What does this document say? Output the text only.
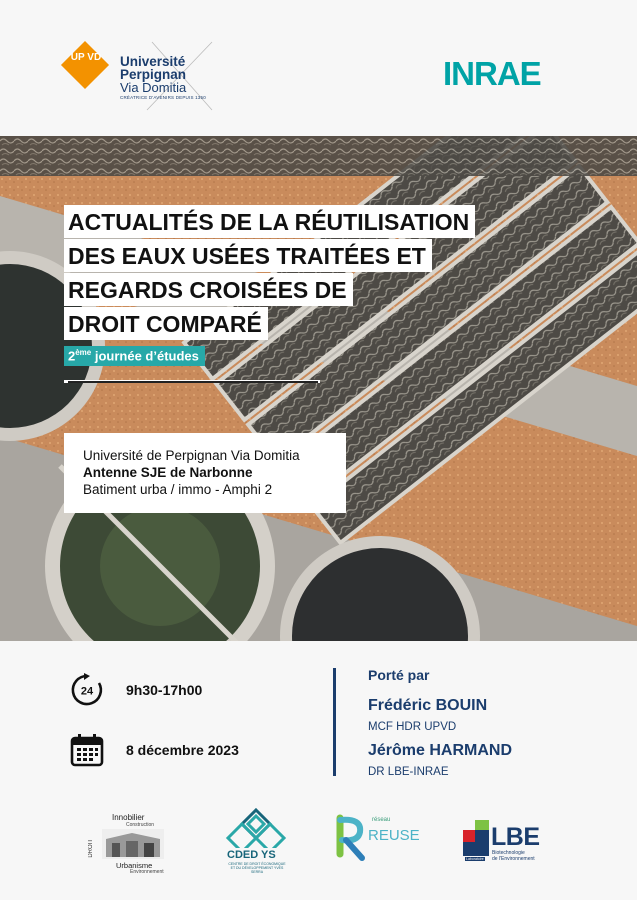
UP VD Université
Perpignan
Via Domitia
CRÉATRICE D'AVENIRS DEPUIS 1350
INRAE
ACTUALITÉS DE LA RÉUTILISATION
DES EAUX USÉES TRAITÉES ET
REGARDS CROISÉES DE
DROIT COMPARÉ
2ème journée d’études
Université de Perpignan Via Domitia
Antenne SJE de Narbonne
Batiment urba / immo - Amphi 2
24 9h30-17h00
8 décembre 2023
Porté par
Frédéric BOUIN
MCF HDR UPVD
Jérôme HARMAND
DR LBE-INRAE
Innobilier
Construction
Urbanisme
Environnement
DROIT	CDED YS
CENTRE DE DROIT ÉCONOMIQUE ET DU DÉVELOPPEMENT YVES SERRA
réseau
REUSE	LBE
Biotechnologie
de l'Environnement
Laboratoire
